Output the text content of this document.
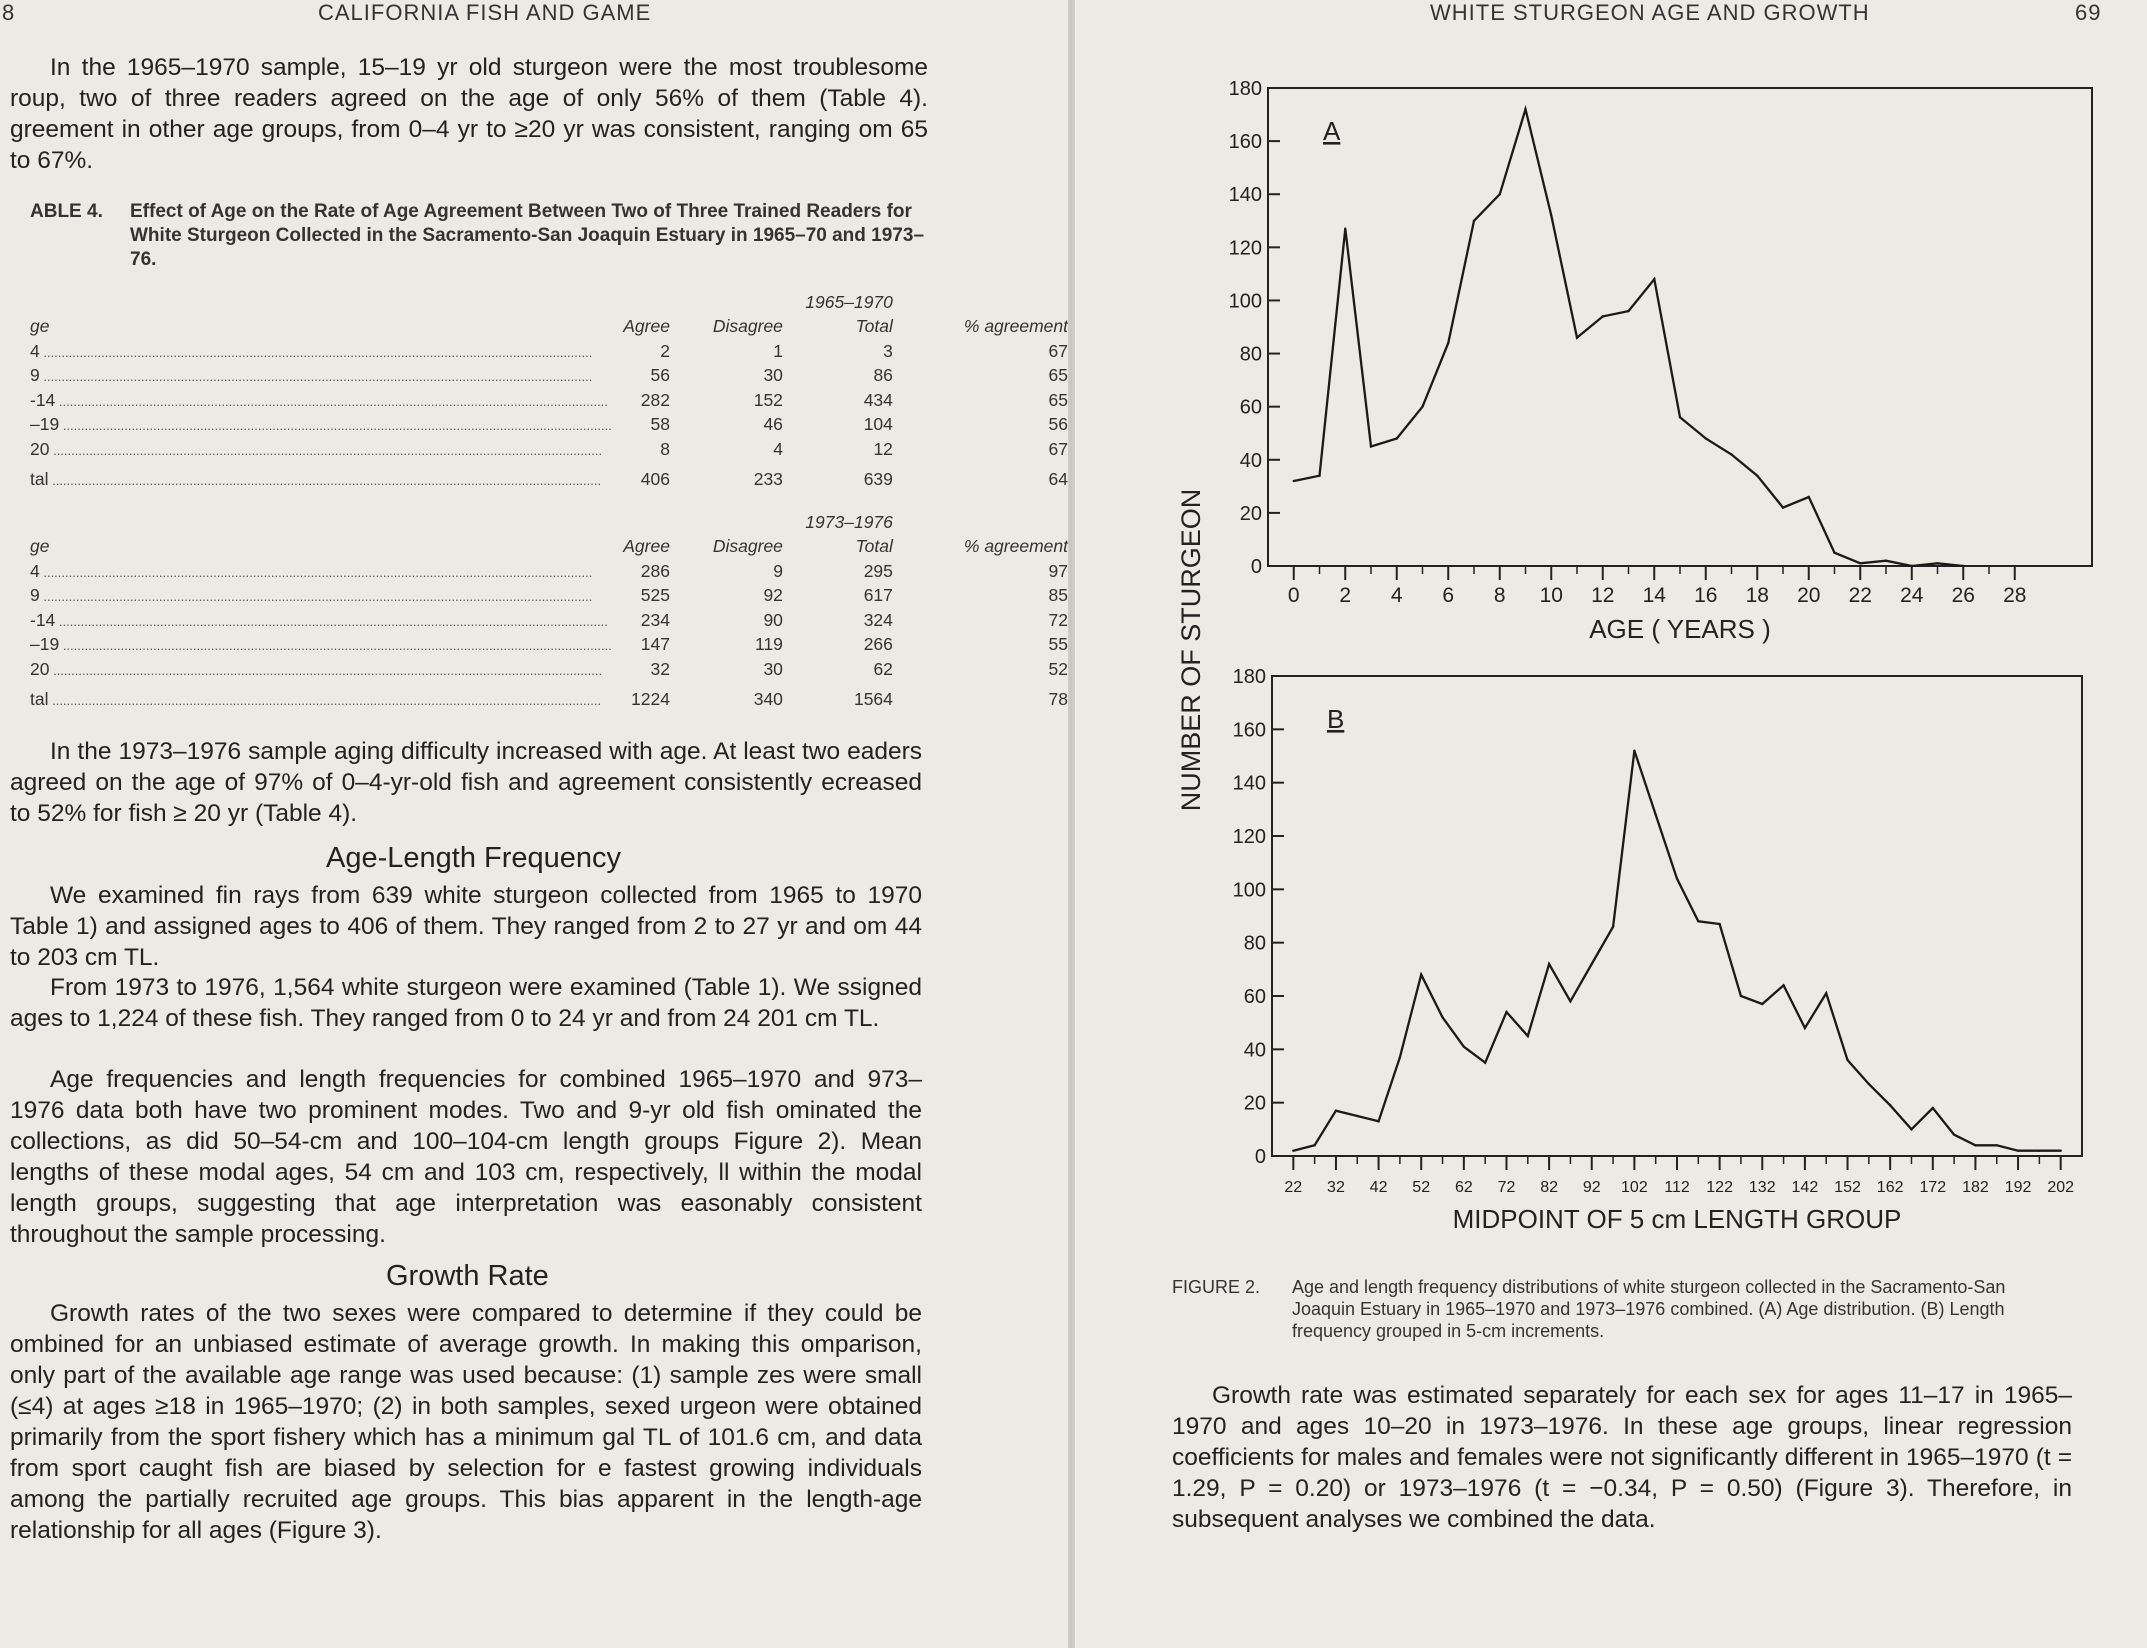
8	CALIFORNIA FISH AND GAME

In the 1965–1970 sample, 15–19 yr old sturgeon were the most troublesome roup, two of three readers agreed on the age of only 56% of them (Table 4). greement in other age groups, from 0–4 yr to ≥20 yr was consistent, ranging om 65 to 67%.

ABLE 4.	Effect of Age on the Rate of Age Agreement Between Two of Three Trained Readers for White Sturgeon Collected in the Sacramento-San Joaquin Estuary in 1965–70 and 1973–76.
			1965–1970	
ge	Agree	Disagree	Total	% agreement
4 .....	2	1	3	67
9 .....	56	30	86	65
-14 .....	282	152	434	65
–19 .....	58	46	104	56
20 .....	8	4	12	67
tal .....	406	233	639	64
			1973–1976	
ge	Agree	Disagree	Total	% agreement
4 .....	286	9	295	97
9 .....	525	92	617	85
-14 .....	234	90	324	72
–19 .....	147	119	266	55
20 .....	32	30	62	52
tal .....	1224	340	1564	78

In the 1973–1976 sample aging difficulty increased with age. At least two eaders agreed on the age of 97% of 0–4-yr-old fish and agreement consistently ecreased to 52% for fish ≥ 20 yr (Table 4).

Age-Length Frequency

We examined fin rays from 639 white sturgeon collected from 1965 to 1970 Table 1) and assigned ages to 406 of them. They ranged from 2 to 27 yr and om 44 to 203 cm TL.

From 1973 to 1976, 1,564 white sturgeon were examined (Table 1). We ssigned ages to 1,224 of these fish. They ranged from 0 to 24 yr and from 24 201 cm TL.

Age frequencies and length frequencies for combined 1965–1970 and 973–1976 data both have two prominent modes. Two and 9-yr old fish ominated the collections, as did 50–54-cm and 100–104-cm length groups Figure 2). Mean lengths of these modal ages, 54 cm and 103 cm, respectively, ll within the modal length groups, suggesting that age interpretation was easonably consistent throughout the sample processing.

Growth Rate

Growth rates of the two sexes were compared to determine if they could be ombined for an unbiased estimate of average growth. In making this omparison, only part of the available age range was used because: (1) sample zes were small (≤4) at ages ≥18 in 1965–1970; (2) in both samples, sexed urgeon were obtained primarily from the sport fishery which has a minimum gal TL of 101.6 cm, and data from sport caught fish are biased by selection for e fastest growing individuals among the partially recruited age groups. This bias apparent in the length-age relationship for all ages (Figure 3).

WHITE STURGEON AGE AND GROWTH	69
NUMBER OF STURGEON 0
20
40
60
80
100
120
140
160
180
0 2 4 6 8 10 12 14 16 18 20 22 24 26 28
A
AGE ( YEARS )
0
20
40
60
80
100
120
140
160
180
22 32 42 52 62 72 82 92 102 112 122 132 142 152 162 172 182 192 202
B
MIDPOINT OF 5 cm LENGTH GROUP
FIGURE 2.	Age and length frequency distributions of white sturgeon collected in the Sacramento-San Joaquin Estuary in 1965–1970 and 1973–1976 combined. (A) Age distribution. (B) Length frequency grouped in 5-cm increments.

Growth rate was estimated separately for each sex for ages 11–17 in 1965–1970 and ages 10–20 in 1973–1976. In these age groups, linear regression coefficients for males and females were not significantly different in 1965–1970 (t = 1.29, P = 0.20) or 1973–1976 (t = −0.34, P = 0.50) (Figure 3). Therefore, in subsequent analyses we combined the data.
